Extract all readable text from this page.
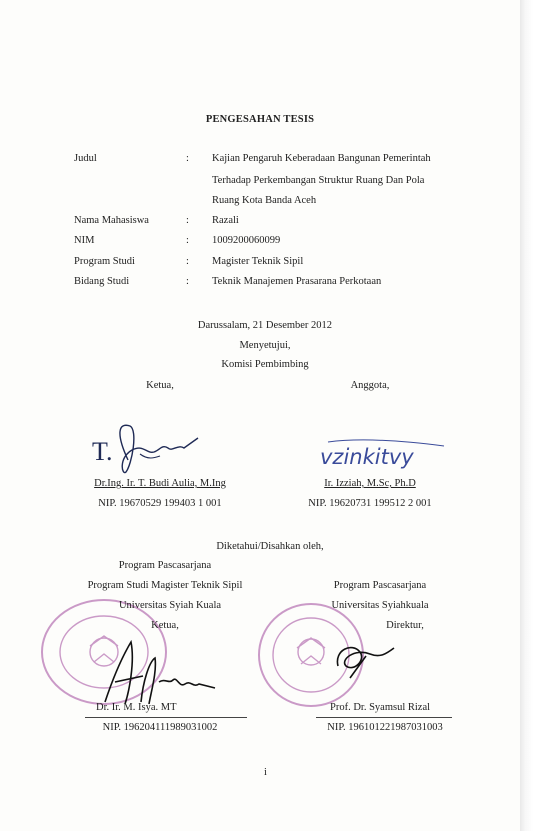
PENGESAHAN TESIS
Judul	: Kajian Pengaruh Keberadaan Bangunan Pemerintah
Terhadap Perkembangan Struktur Ruang Dan Pola
Ruang Kota Banda Aceh
Nama Mahasiswa	: Razali
NIM	: 1009200060099
Program Studi	: Magister Teknik Sipil
Bidang Studi	: Teknik Manajemen Prasarana Perkotaan
Darussalam, 21 Desember 2012
Menyetujui,
Komisi Pembimbing
Ketua,	Anggota,
T.	vzinkitvy
Dr.Ing. Ir. T. Budi Aulia, M.Ing
NIP. 19670529 199403 1 001
Ir. Izziah, M.Sc, Ph.D
NIP. 19620731 199512 2 001
Diketahui/Disahkan oleh,
Program Pascasarjana
Program Studi Magister Teknik Sipil	Program Pascasarjana
Universitas Syiah Kuala	Universitas Syiahkuala
Ketua,	Direktur,
Dr. Ir. M. Isya. MT	Prof. Dr. Syamsul Rizal
NIP. 196204111989031002	NIP. 196101221987031003
i
